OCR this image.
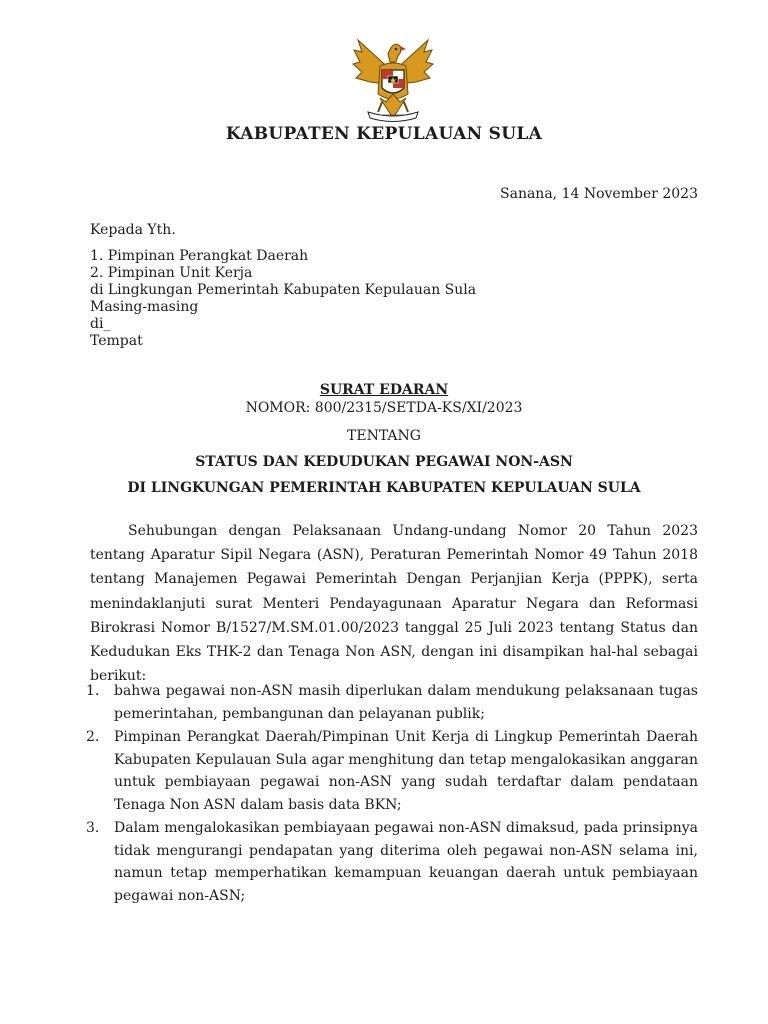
KABUPATEN KEPULAUAN SULA
Sanana, 14 November 2023
Kepada Yth.
1. Pimpinan Perangkat Daerah
2. Pimpinan Unit Kerja
di Lingkungan Pemerintah Kabupaten Kepulauan Sula
Masing-masing
di_
Tempat
SURAT EDARAN
NOMOR: 800/2315/SETDA-KS/XI/2023
TENTANG
STATUS DAN KEDUDUKAN PEGAWAI NON-ASN
DI LINGKUNGAN PEMERINTAH KABUPATEN KEPULAUAN SULA
Sehubungan dengan Pelaksanaan Undang-undang Nomor 20 Tahun 2023 tentang Aparatur Sipil Negara (ASN), Peraturan Pemerintah Nomor 49 Tahun 2018 tentang Manajemen Pegawai Pemerintah Dengan Perjanjian Kerja (PPPK), serta menindaklanjuti surat Menteri Pendayagunaan Aparatur Negara dan Reformasi Birokrasi Nomor B/1527/M.SM.01.00/2023 tanggal 25 Juli 2023 tentang Status dan Kedudukan Eks THK-2 dan Tenaga Non ASN, dengan ini disampikan hal-hal sebagai berikut:
1.	bahwa pegawai non-ASN masih diperlukan dalam mendukung pelaksanaan tugas pemerintahan, pembangunan dan pelayanan publik;
2.	Pimpinan Perangkat Daerah/Pimpinan Unit Kerja di Lingkup Pemerintah Daerah Kabupaten Kepulauan Sula agar menghitung dan tetap mengalokasikan anggaran untuk pembiayaan pegawai non-ASN yang sudah terdaftar dalam pendataan Tenaga Non ASN dalam basis data BKN;
3.	Dalam mengalokasikan pembiayaan pegawai non-ASN dimaksud, pada prinsipnya tidak mengurangi pendapatan yang diterima oleh pegawai non-ASN selama ini, namun tetap memperhatikan kemampuan keuangan daerah untuk pembiayaan pegawai non-ASN;
